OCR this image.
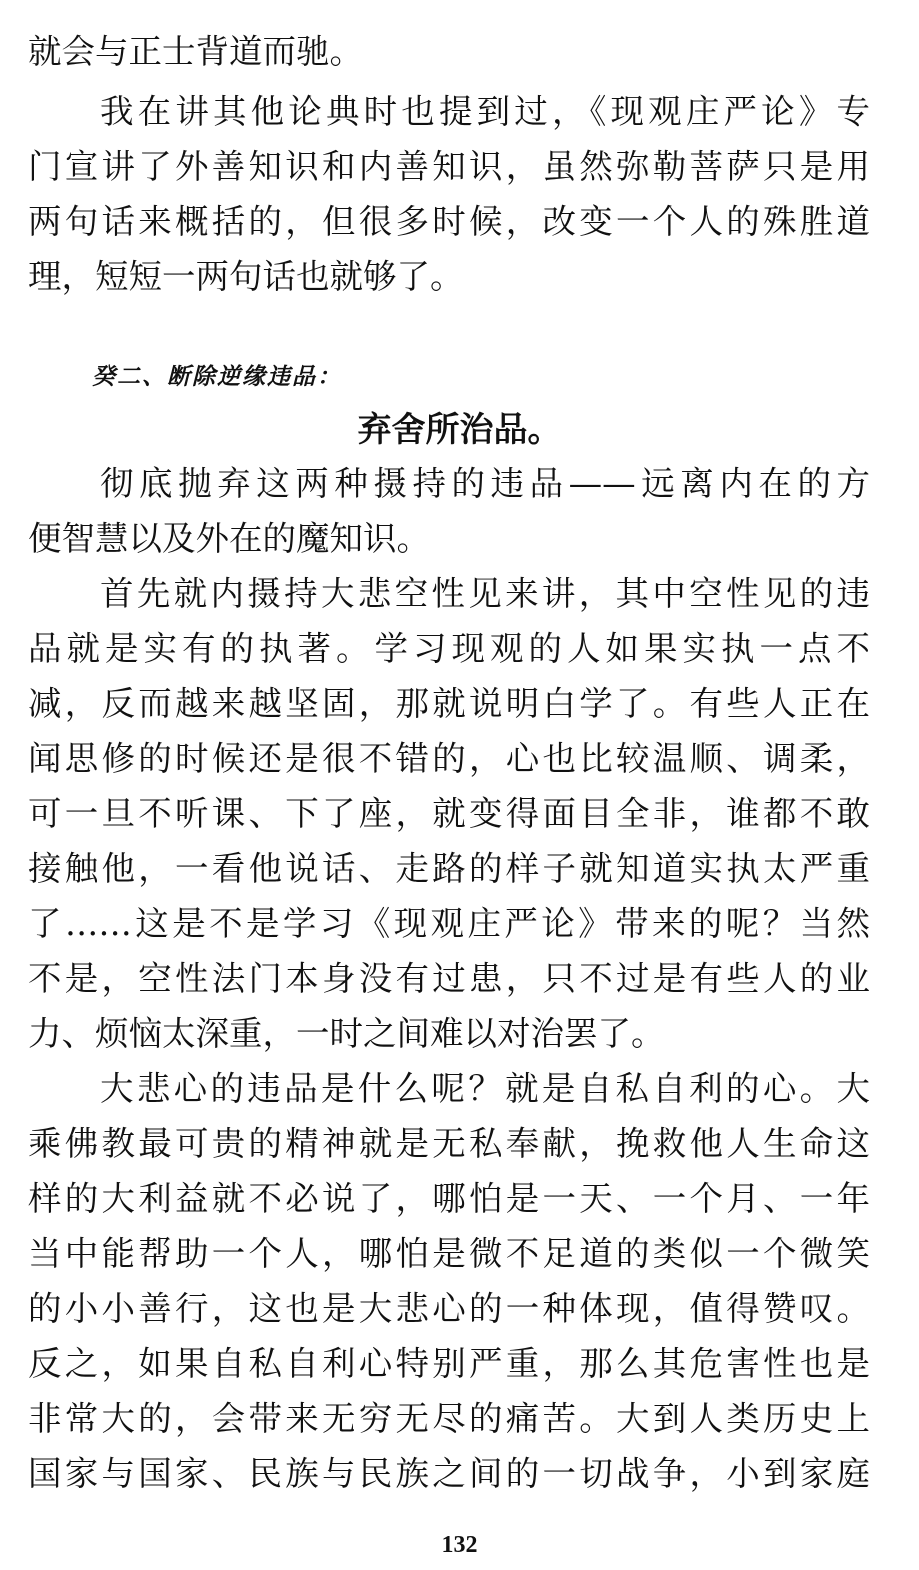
就会与正士背道而驰。
我在讲其他论典时也提到过，《现观庄严论》专
门宣讲了外善知识和内善知识，虽然弥勒菩萨只是用
两句话来概括的，但很多时候，改变一个人的殊胜道
理，短短一两句话也就够了。
癸二、断除逆缘违品：
弃舍所治品。
彻底抛弃这两种摄持的违品——远离内在的方
便智慧以及外在的魔知识。
首先就内摄持大悲空性见来讲，其中空性见的违
品就是实有的执著。学习现观的人如果实执一点不
减，反而越来越坚固，那就说明白学了。有些人正在
闻思修的时候还是很不错的，心也比较温顺、调柔，
可一旦不听课、下了座，就变得面目全非，谁都不敢
接触他，一看他说话、走路的样子就知道实执太严重
了……这是不是学习《现观庄严论》带来的呢？当然
不是，空性法门本身没有过患，只不过是有些人的业
力、烦恼太深重，一时之间难以对治罢了。
大悲心的违品是什么呢？就是自私自利的心。大
乘佛教最可贵的精神就是无私奉献，挽救他人生命这
样的大利益就不必说了，哪怕是一天、一个月、一年
当中能帮助一个人，哪怕是微不足道的类似一个微笑
的小小善行，这也是大悲心的一种体现，值得赞叹。
反之，如果自私自利心特别严重，那么其危害性也是
非常大的，会带来无穷无尽的痛苦。大到人类历史上
国家与国家、民族与民族之间的一切战争，小到家庭
132
